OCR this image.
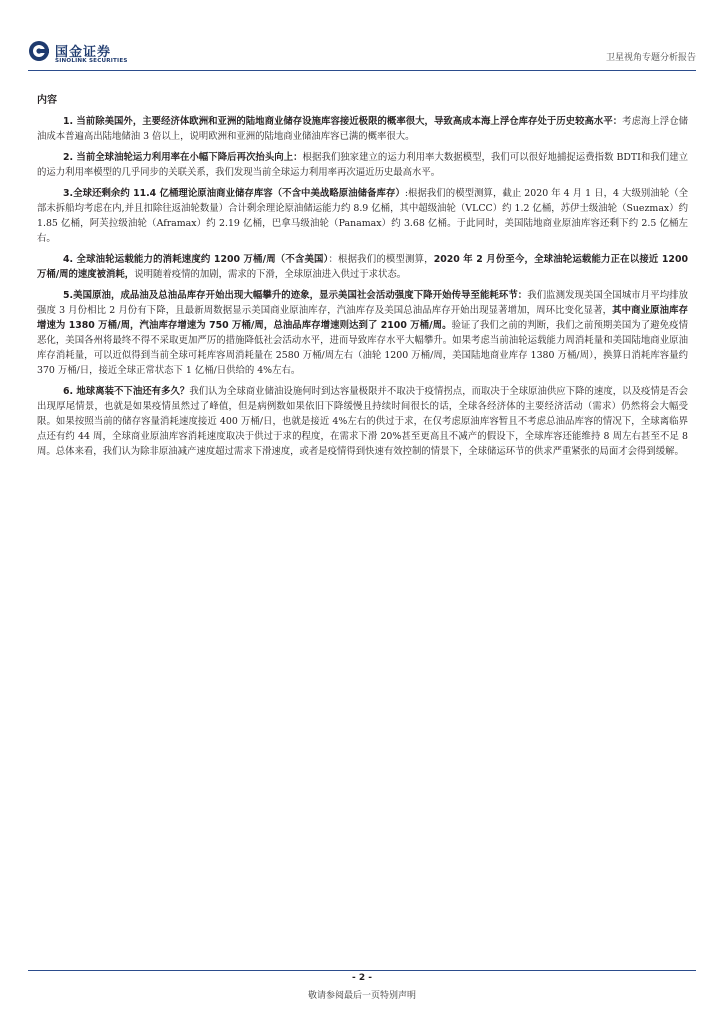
国金证券
SINOLINK SECURITIES	卫星视角专题分析报告
内容

1. 当前除美国外，主要经济体欧洲和亚洲的陆地商业储存设施库容接近极限的概率很大，导致高成本海上浮仓库存处于历史较高水平：考虑海上浮仓储油成本普遍高出陆地储油 3 倍以上，说明欧洲和亚洲的陆地商业储油库容已满的概率很大。

2. 当前全球油轮运力利用率在小幅下降后再次抬头向上：根据我们独家建立的运力利用率大数据模型，我们可以很好地捕捉运费指数 BDTI和我们建立的运力利用率模型的几乎同步的关联关系，我们发现当前全球运力利用率再次逼近历史最高水平。

3.全球还剩余约 11.4 亿桶理论原油商业储存库容（不含中美战略原油储备库存）:根据我们的模型测算，截止 2020 年 4 月 1 日，4 大级别油轮（全部未拆船均考虑在内,并且扣除往返油轮数量）合计剩余理论原油储运能力约 8.9 亿桶，其中超级油轮（VLCC）约 1.2 亿桶，苏伊士级油轮（Suezmax）约 1.85 亿桶，阿芙拉级油轮（Aframax）约 2.19 亿桶，巴拿马级油轮（Panamax）约 3.68 亿桶。于此同时，美国陆地商业原油库容还剩下约 2.5 亿桶左右。

4. 全球油轮运载能力的消耗速度约 1200 万桶/周（不含美国）：根据我们的模型测算，2020 年 2 月份至今，全球油轮运载能力正在以接近 1200 万桶/周的速度被消耗，说明随着疫情的加剧，需求的下滑，全球原油进入供过于求状态。

5.美国原油，成品油及总油品库存开始出现大幅攀升的迹象，显示美国社会活动强度下降开始传导至能耗环节：我们监测发现美国全国城市月平均排放强度 3 月份相比 2 月份有下降，且最新周数据显示美国商业原油库存，汽油库存及美国总油品库存开始出现显著增加，周环比变化显著，其中商业原油库存增速为 1380 万桶/周，汽油库存增速为 750 万桶/周，总油品库存增速则达到了 2100 万桶/周。验证了我们之前的判断，我们之前预期美国为了避免疫情恶化，美国各州将最终不得不采取更加严厉的措施降低社会活动水平，进而导致库存水平大幅攀升。如果考虑当前油轮运载能力周消耗量和美国陆地商业原油库存消耗量，可以近似得到当前全球可耗库容周消耗量在 2580 万桶/周左右（油轮 1200 万桶/周，美国陆地商业库存 1380 万桶/周），换算日消耗库容量约 370 万桶/日，接近全球正常状态下 1 亿桶/日供给的 4%左右。

6. 地球离装不下油还有多久？我们认为全球商业储油设施何时到达容量极限并不取决于疫情拐点，而取决于全球原油供应下降的速度，以及疫情是否会出现厚尾情景，也就是如果疫情虽然过了峰值，但是病例数如果依旧下降缓慢且持续时间很长的话，全球各经济体的主要经济活动（需求）仍然将会大幅受限。如果按照当前的储存容量消耗速度接近 400 万桶/日，也就是接近 4%左右的供过于求，在仅考虑原油库容暂且不考虑总油品库容的情况下，全球离临界点还有约 44 周，全球商业原油库容消耗速度取决于供过于求的程度，在需求下滑 20%甚至更高且不减产的假设下，全球库容还能维持 8 周左右甚至不足 8 周。总体来看，我们认为除非原油减产速度超过需求下滑速度，或者是疫情得到快速有效控制的情景下，全球储运环节的供求严重紧张的局面才会得到缓解。

- 2 -
敬请参阅最后一页特别声明
